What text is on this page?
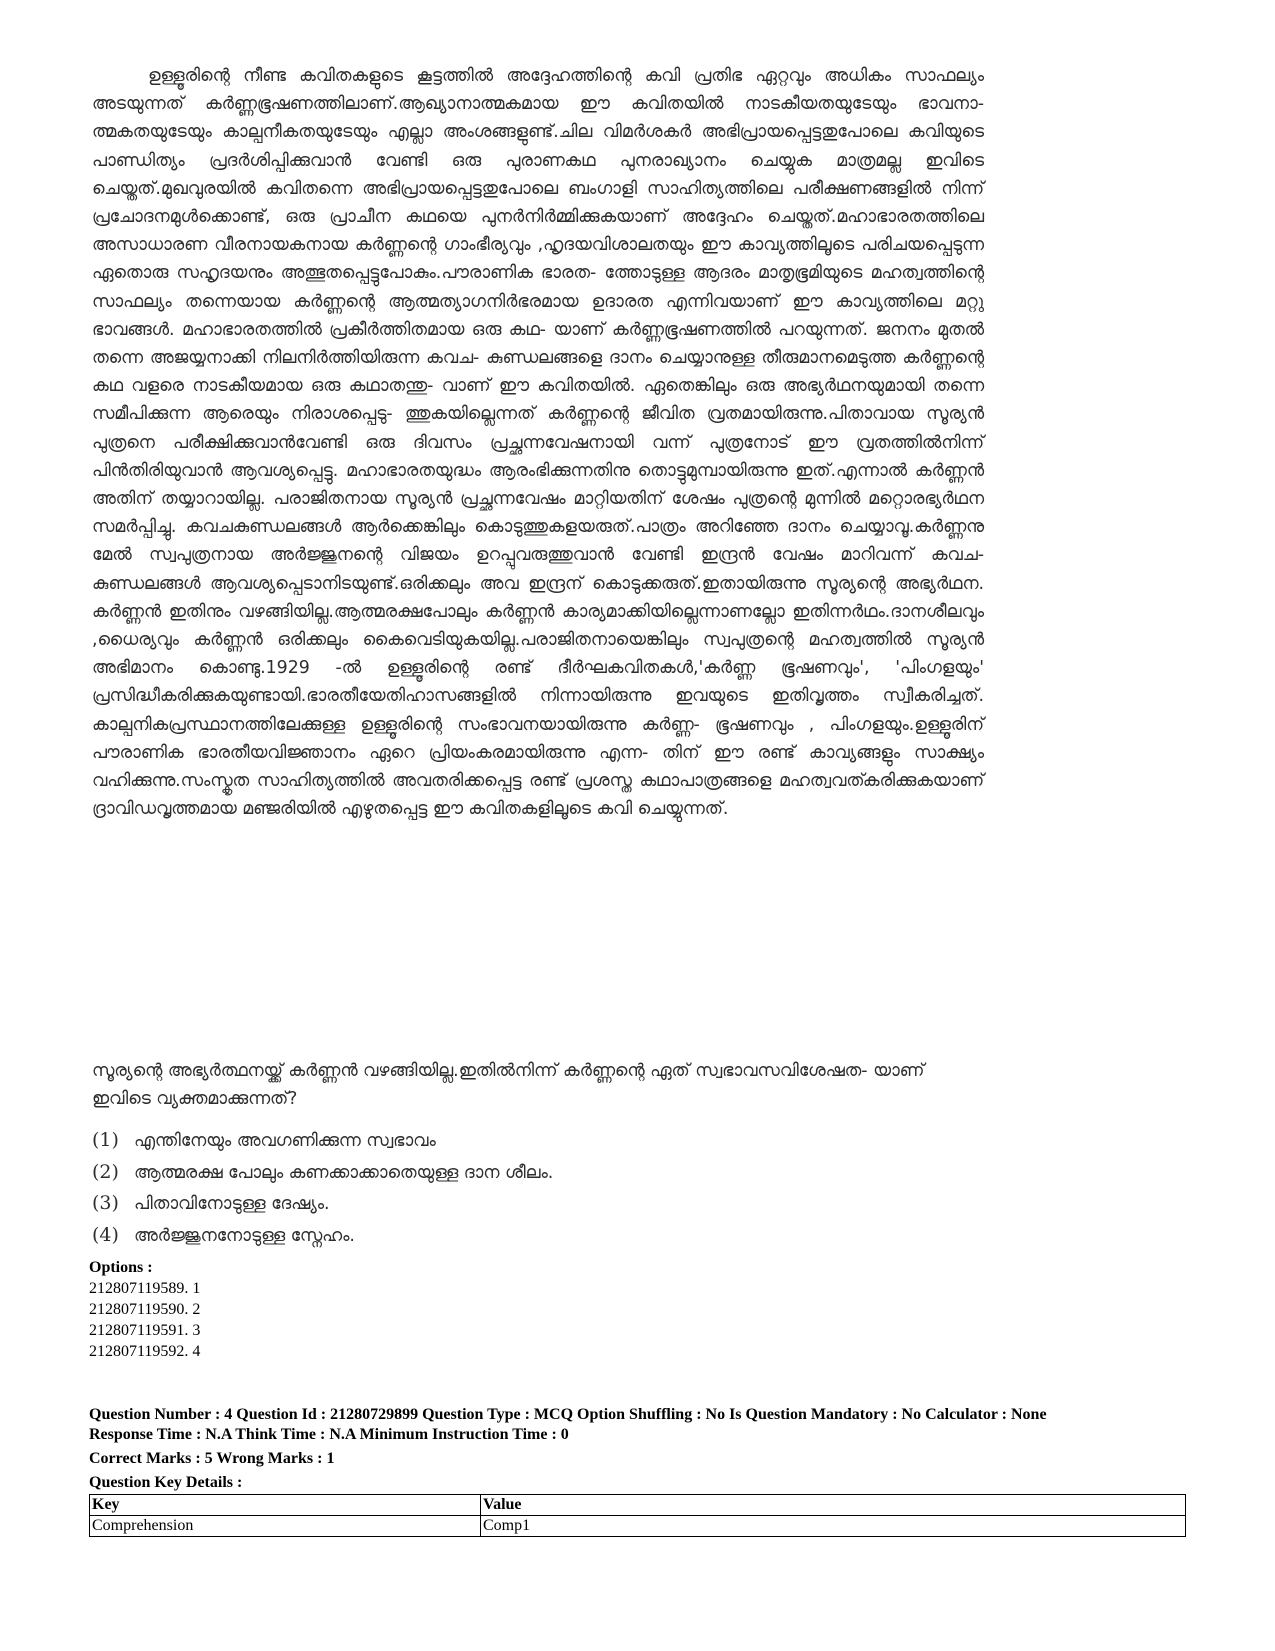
ഉള്ളൂരിന്റെ നീണ്ട കവിതകളുടെ കൂട്ടത്തിൽ അദ്ദേഹത്തിന്റെ കവി പ്രതിഭ ഏറ്റവും അധികം സാഫല്യം അടയുന്നത് കർണ്ണഭൂഷണത്തിലാണ്.ആഖ്യാനാത്മകമായ ഈ കവിതയിൽ നാടകീയതയുടേയും ഭാവനാ- ത്മകതയുടേയും കാല്പനീകതയുടേയും എല്ലാ അംശങ്ങളുണ്ട്.ചില വിമർശകർ അഭിപ്രായപ്പെട്ടതുപോലെ കവിയുടെ പാണ്ഡിത്യം പ്രദർശിപ്പിക്കുവാൻ വേണ്ടി ഒരു പുരാണകഥ പുനരാഖ്യാനം ചെയ്യുക മാത്രമല്ല ഇവിടെ ചെയ്തത്.മുഖവുരയിൽ കവിതന്നെ അഭിപ്രായപ്പെട്ടതുപോലെ ബംഗാളി സാഹിത്യത്തിലെ പരീക്ഷണങ്ങളിൽ നിന്ന് പ്രചോദനമുൾക്കൊണ്ട്, ഒരു പ്രാചീന കഥയെ പുനർനിർമ്മിക്കുകയാണ് അദ്ദേഹം ചെയ്തത്.മഹാഭാരതത്തിലെ അസാധാരണ വീരനായകനായ കർണ്ണന്റെ ഗാംഭീര്യവും ,ഹൃദയവിശാലതയും ഈ കാവ്യത്തിലൂടെ പരിചയപ്പെടുന്ന ഏതൊരു സഹൃദയനും അത്ഭുതപ്പെട്ടുപോകും.പൗരാണിക ഭാരത- ത്തോടുള്ള ആദരം മാതൃഭൂമിയുടെ മഹത്വത്തിന്റെ സാഫല്യം തന്നെയായ കർണ്ണന്റെ ആത്മത്യാഗനിർഭരമായ ഉദാരത എന്നിവയാണ് ഈ കാവ്യത്തിലെ മറ്റു ഭാവങ്ങൾ. മഹാഭാരതത്തിൽ പ്രകീർത്തിതമായ ഒരു കഥ- യാണ് കർണ്ണഭൂഷണത്തിൽ പറയുന്നത്. ജനനം മുതൽ തന്നെ അജയ്യനാക്കി നിലനിർത്തിയിരുന്ന കവച- കുണ്ഡലങ്ങളെ ദാനം ചെയ്യാനുള്ള തീരുമാനമെടുത്ത കർണ്ണന്റെ കഥ വളരെ നാടകീയമായ ഒരു കഥാതന്തു- വാണ് ഈ കവിതയിൽ. ഏതെങ്കിലും ഒരു അഭ്യർഥനയുമായി തന്നെ സമീപിക്കുന്ന ആരെയും നിരാശപ്പെടു- ത്തുകയില്ലെന്നത് കർണ്ണന്റെ ജീവിത വ്രതമായിരുന്നു.പിതാവായ സൂര്യൻ പുത്രനെ പരീക്ഷിക്കുവാൻവേണ്ടി ഒരു ദിവസം പ്രച്ഛന്നവേഷനായി വന്ന് പുത്രനോട് ഈ വ്രതത്തിൽനിന്ന് പിൻതിരിയുവാൻ ആവശ്യപ്പെട്ടു. മഹാഭാരതയുദ്ധം ആരംഭിക്കുന്നതിനു തൊട്ടുമുമ്പായിരുന്നു ഇത്.എന്നാൽ കർണ്ണൻ അതിന് തയ്യാറായില്ല. പരാജിതനായ സൂര്യൻ പ്രച്ഛന്നവേഷം മാറ്റിയതിന് ശേഷം പുത്രന്റെ മുന്നിൽ മറ്റൊരഭ്യർഥന സമർപ്പിച്ചു. കവചകുണ്ഡലങ്ങൾ ആർക്കെങ്കിലും കൊടുത്തുകളയരുത്.പാത്രം അറിഞ്ഞേ ദാനം ചെയ്യാവൂ.കർണ്ണനു മേൽ സ്വപുത്രനായ അർജ്ജുനന്റെ വിജയം ഉറപ്പുവരുത്തുവാൻ വേണ്ടി ഇന്ദ്രൻ വേഷം മാറിവന്ന് കവച- കുണ്ഡലങ്ങൾ ആവശ്യപ്പെടാനിടയുണ്ട്.ഒരിക്കലും അവ ഇന്ദ്രന് കൊടുക്കരുത്.ഇതായിരുന്നു സൂര്യന്റെ അഭ്യർഥന. കർണ്ണൻ ഇതിനും വഴങ്ങിയില്ല.ആത്മരക്ഷപോലും കർണ്ണൻ കാര്യമാക്കിയില്ലെന്നാണല്ലോ ഇതിന്നർഥം.ദാനശീലവും ,ധൈര്യവും കർണ്ണൻ ഒരിക്കലും കൈവെടിയുകയില്ല.പരാജിതനായെങ്കിലും സ്വപുത്രന്റെ മഹത്വത്തിൽ സൂര്യൻ അഭിമാനം കൊണ്ടു.1929 -ൽ ഉള്ളൂരിന്റെ രണ്ട് ദീർഘകവിതകൾ,'കർണ്ണ ഭൂഷണവും', 'പിംഗളയും' പ്രസിദ്ധീകരിക്കുകയുണ്ടായി.ഭാരതീയേതിഹാസങ്ങളിൽ നിന്നായിരുന്നു ഇവയുടെ ഇതിവൃത്തം സ്വീകരിച്ചത്. കാല്പനികപ്രസ്ഥാനത്തിലേക്കുള്ള ഉള്ളൂരിന്റെ സംഭാവനയായിരുന്നു കർണ്ണ- ഭൂഷണവും , പിംഗളയും.ഉള്ളൂരിന് പൗരാണിക ഭാരതീയവിജ്ഞാനം ഏറെ പ്രിയംകരമായിരുന്നു എന്ന- തിന് ഈ രണ്ട് കാവ്യങ്ങളും സാക്ഷ്യം വഹിക്കുന്നു.സംസ്കൃത സാഹിത്യത്തിൽ അവതരിക്കപ്പെട്ട രണ്ട് പ്രശസ്ത കഥാപാത്രങ്ങളെ മഹത്വവത്കരിക്കുകയാണ് ദ്രാവിഡവൃത്തമായ മഞ്ജരിയിൽ എഴുതപ്പെട്ട ഈ കവിതകളിലൂടെ കവി ചെയ്യുന്നത്.

സൂര്യന്റെ അഭ്യർത്ഥനയ്ക്ക് കർണ്ണൻ വഴങ്ങിയില്ല.ഇതിൽനിന്ന് കർണ്ണന്റെ ഏത് സ്വഭാവസവിശേഷത- യാണ് ഇവിടെ വ്യക്തമാക്കുന്നത്?
(1) എന്തിനേയും അവഗണിക്കുന്ന സ്വഭാവം
(2) ആത്മരക്ഷ പോലും കണക്കാക്കാതെയുള്ള ദാന ശീലം.
(3) പിതാവിനോടുള്ള ദേഷ്യം.
(4) അർജ്ജുനനോടുള്ള സ്നേഹം.
Options :
212807119589. 1
212807119590. 2
212807119591. 3
212807119592. 4
Question Number : 4 Question Id : 21280729899 Question Type : MCQ Option Shuffling : No Is Question Mandatory : No Calculator : None
Response Time : N.A Think Time : N.A Minimum Instruction Time : 0
Correct Marks : 5 Wrong Marks : 1
Question Key Details :
Key	Value
Comprehension	Comp1
